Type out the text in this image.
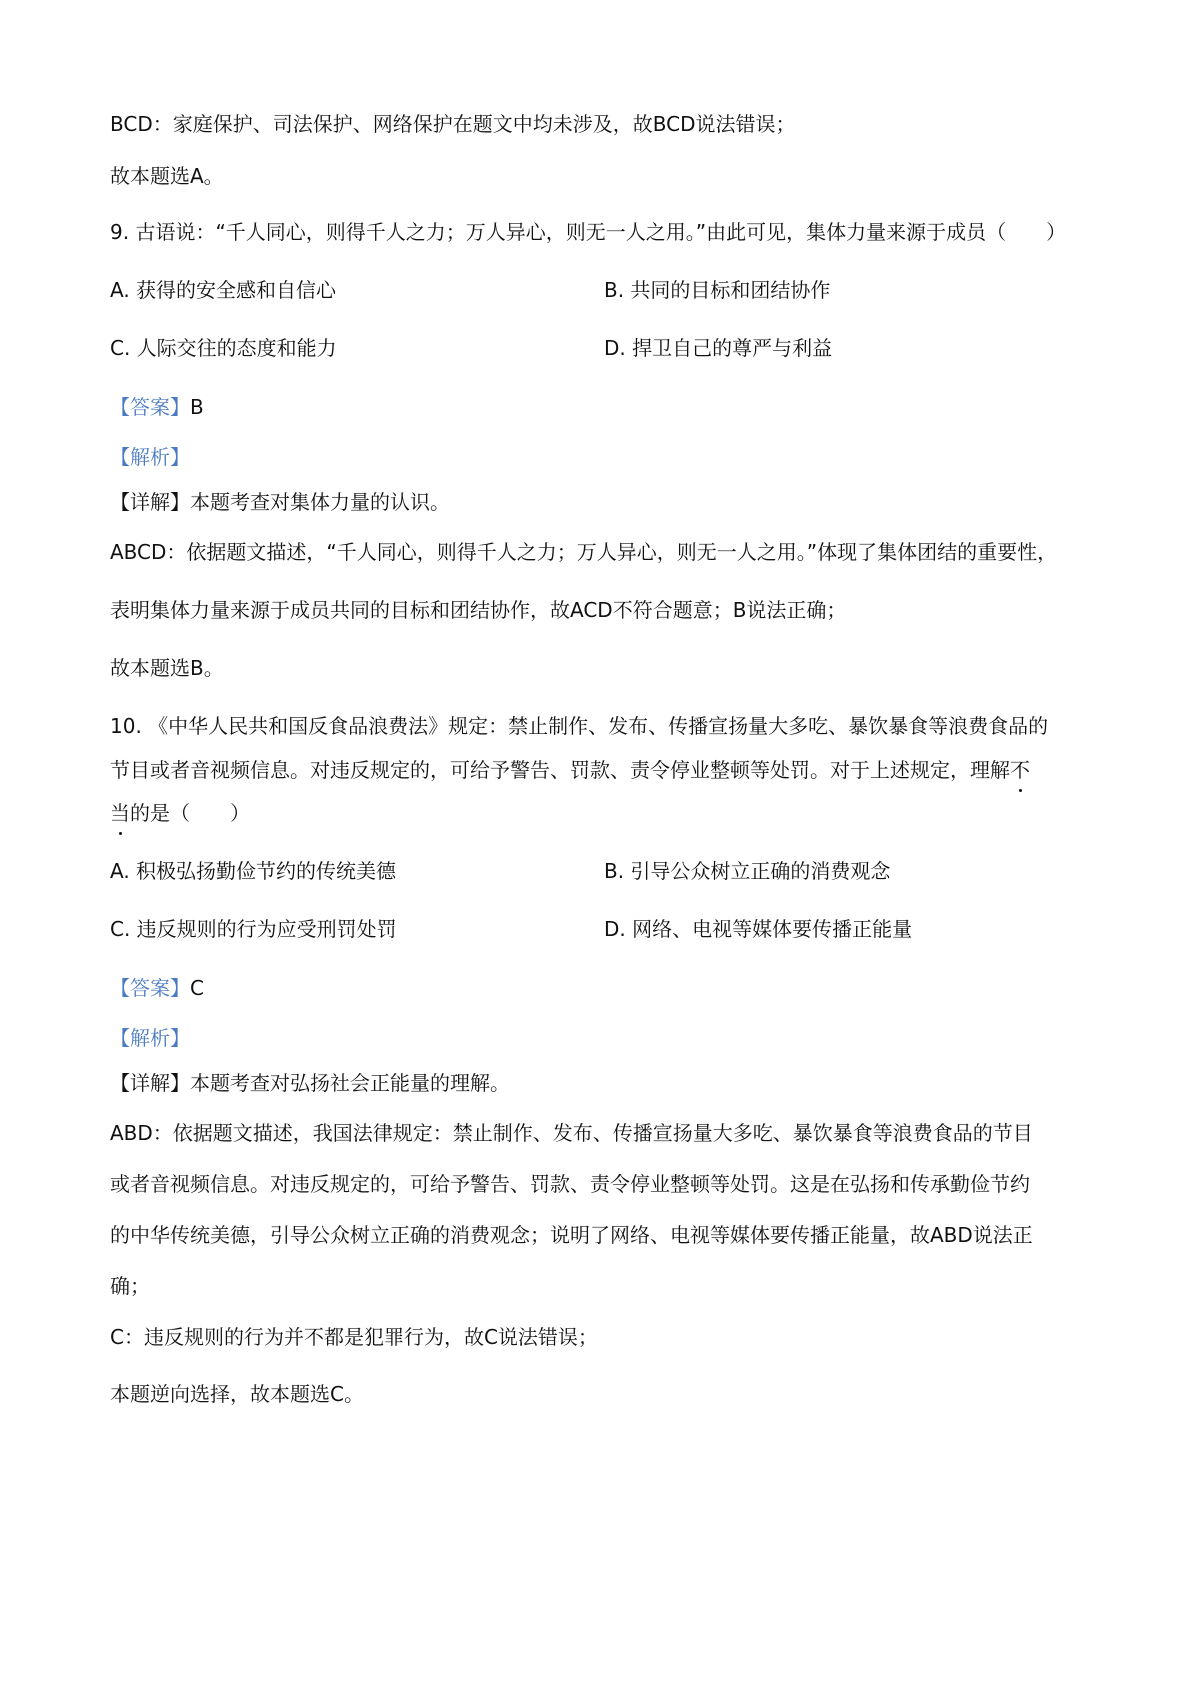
BCD：家庭保护、司法保护、网络保护在题文中均未涉及，故BCD说法错误；
故本题选A。
9. 古语说：“千人同心，则得千人之力；万人异心，则无一人之用。”由此可见，集体力量来源于成员（　　）
A. 获得的安全感和自信心	B. 共同的目标和团结协作
C. 人际交往的态度和能力	D. 捍卫自己的尊严与利益
【答案】B
【解析】
【详解】本题考查对集体力量的认识。
ABCD：依据题文描述，“千人同心，则得千人之力；万人异心，则无一人之用。”体现了集体团结的重要性，
表明集体力量来源于成员共同的目标和团结协作，故ACD不符合题意；B说法正确；
故本题选B。
10. 《中华人民共和国反食品浪费法》规定：禁止制作、发布、传播宣扬量大多吃、暴饮暴食等浪费食品的
节目或者音视频信息。对违反规定的，可给予警告、罚款、责令停业整顿等处罚。对于上述规定，理解不
当的是（　　）
A. 积极弘扬勤俭节约的传统美德	B. 引导公众树立正确的消费观念
C. 违反规则的行为应受刑罚处罚	D. 网络、电视等媒体要传播正能量
【答案】C
【解析】
【详解】本题考查对弘扬社会正能量的理解。
ABD：依据题文描述，我国法律规定：禁止制作、发布、传播宣扬量大多吃、暴饮暴食等浪费食品的节目
或者音视频信息。对违反规定的，可给予警告、罚款、责令停业整顿等处罚。这是在弘扬和传承勤俭节约
的中华传统美德，引导公众树立正确的消费观念；说明了网络、电视等媒体要传播正能量，故ABD说法正
确；
C：违反规则的行为并不都是犯罪行为，故C说法错误；
本题逆向选择，故本题选C。
